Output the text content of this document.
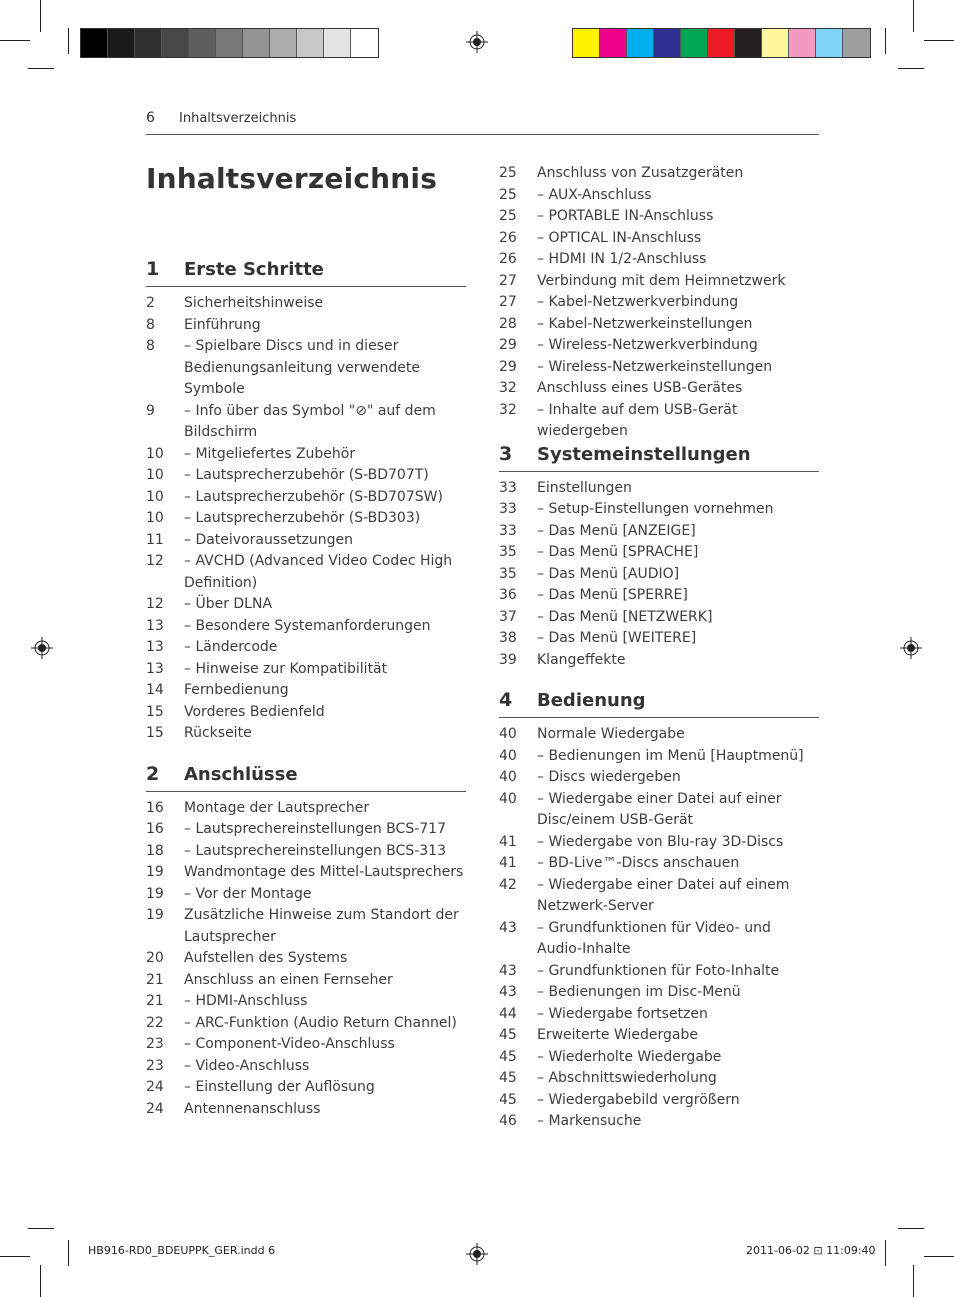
6 Inhaltsverzeichnis
Inhaltsverzeichnis
1	Erste Schritte
2	Sicherheitshinweise
8	Einführung
8	– Spielbare Discs und in dieser Bedienungsanleitung verwendete Symbole
9	– Info über das Symbol "⊘" auf dem Bildschirm
10	– Mitgeliefertes Zubehör
10	– Lautsprecherzubehör (S-BD707T)
10	– Lautsprecherzubehör (S-BD707SW)
10	– Lautsprecherzubehör (S-BD303)
11	– Dateivoraussetzungen
12	– AVCHD (Advanced Video Codec High Definition)
12	– Über DLNA
13	– Besondere Systemanforderungen
13	– Ländercode
13	– Hinweise zur Kompatibilität
14	Fernbedienung
15	Vorderes Bedienfeld
15	Rückseite
2	Anschlüsse
16	Montage der Lautsprecher
16	– Lautsprechereinstellungen BCS-717
18	– Lautsprechereinstellungen BCS-313
19	Wandmontage des Mittel-Lautsprechers
19	– Vor der Montage
19	Zusätzliche Hinweise zum Standort der Lautsprecher
20	Aufstellen des Systems
21	Anschluss an einen Fernseher
21	– HDMI-Anschluss
22	– ARC-Funktion (Audio Return Channel)
23	– Component-Video-Anschluss
23	– Video-Anschluss
24	– Einstellung der Auflösung
24	Antennenanschluss
25	Anschluss von Zusatzgeräten
25	– AUX-Anschluss
25	– PORTABLE IN-Anschluss
26	– OPTICAL IN-Anschluss
26	– HDMI IN 1/2-Anschluss
27	Verbindung mit dem Heimnetzwerk
27	– Kabel-Netzwerkverbindung
28	– Kabel-Netzwerkeinstellungen
29	– Wireless-Netzwerkverbindung
29	– Wireless-Netzwerkeinstellungen
32	Anschluss eines USB-Gerätes
32	– Inhalte auf dem USB-Gerät wiedergeben
3	Systemeinstellungen
33	Einstellungen
33	– Setup-Einstellungen vornehmen
33	– Das Menü [ANZEIGE]
35	– Das Menü [SPRACHE]
35	– Das Menü [AUDIO]
36	– Das Menü [SPERRE]
37	– Das Menü [NETZWERK]
38	– Das Menü [WEITERE]
39	Klangeffekte
4	Bedienung
40	Normale Wiedergabe
40	– Bedienungen im Menü [Hauptmenü]
40	– Discs wiedergeben
40	– Wiedergabe einer Datei auf einer Disc/einem USB-Gerät
41	– Wiedergabe von Blu-ray 3D-Discs
41	– BD-Live™-Discs anschauen
42	– Wiedergabe einer Datei auf einem Netzwerk-Server
43	– Grundfunktionen für Video- und Audio-Inhalte
43	– Grundfunktionen für Foto-Inhalte
43	– Bedienungen im Disc-Menü
44	– Wiedergabe fortsetzen
45	Erweiterte Wiedergabe
45	– Wiederholte Wiedergabe
45	– Abschnittswiederholung
45	– Wiedergabebild vergrößern
46	– Markensuche
HB916-RD0_BDEUPPK_GER.indd 6	2011-06-02 ⊡ 11:09:40
